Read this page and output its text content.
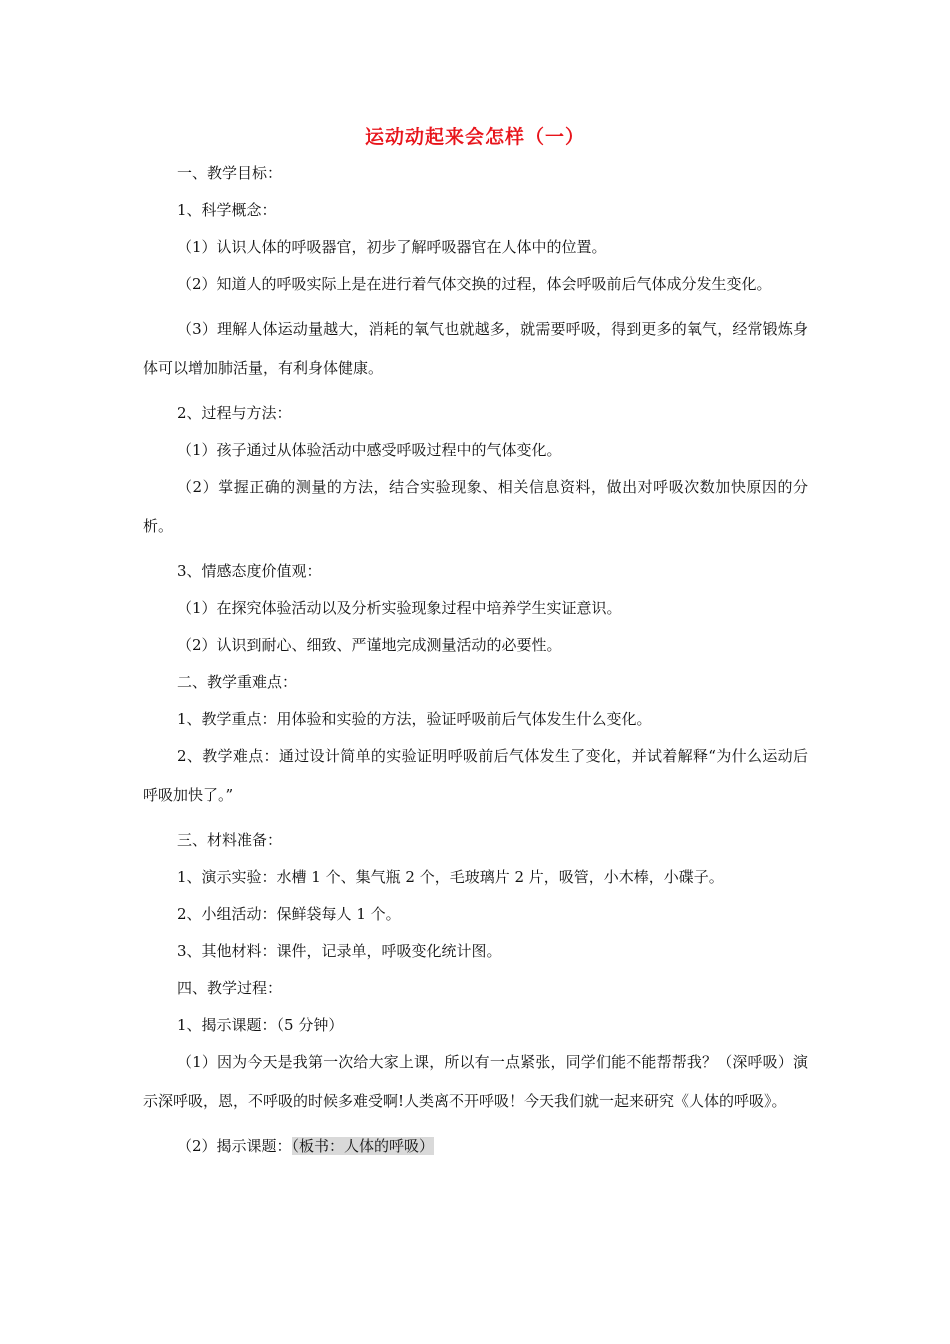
运动动起来会怎样（一）

一、教学目标：

1、科学概念：

（1）认识人体的呼吸器官，初步了解呼吸器官在人体中的位置。

（2）知道人的呼吸实际上是在进行着气体交换的过程，体会呼吸前后气体成分发生变化。

（3）理解人体运动量越大，消耗的氧气也就越多，就需要呼吸，得到更多的氧气，经常锻炼身体可以增加肺活量，有利身体健康。

2、过程与方法：

（1）孩子通过从体验活动中感受呼吸过程中的气体变化。

（2）掌握正确的测量的方法，结合实验现象、相关信息资料，做出对呼吸次数加快原因的分析。

3、情感态度价值观：

（1）在探究体验活动以及分析实验现象过程中培养学生实证意识。

（2）认识到耐心、细致、严谨地完成测量活动的必要性。

二、教学重难点：

1、教学重点：用体验和实验的方法，验证呼吸前后气体发生什么变化。

2、教学难点：通过设计简单的实验证明呼吸前后气体发生了变化，并试着解释“为什么运动后呼吸加快了。”

三、材料准备：

1、演示实验：水槽 1 个、集气瓶 2 个，毛玻璃片 2 片，吸管，小木棒，小碟子。

2、小组活动：保鲜袋每人 1 个。

3、其他材料：课件，记录单，呼吸变化统计图。

四、教学过程：

1、揭示课题：（5 分钟）

（1）因为今天是我第一次给大家上课，所以有一点紧张，同学们能不能帮帮我？（深呼吸）演示深呼吸，恩，不呼吸的时候多难受啊!人类离不开呼吸！今天我们就一起来研究《人体的呼吸》。

（2）揭示课题：（板书：人体的呼吸）
